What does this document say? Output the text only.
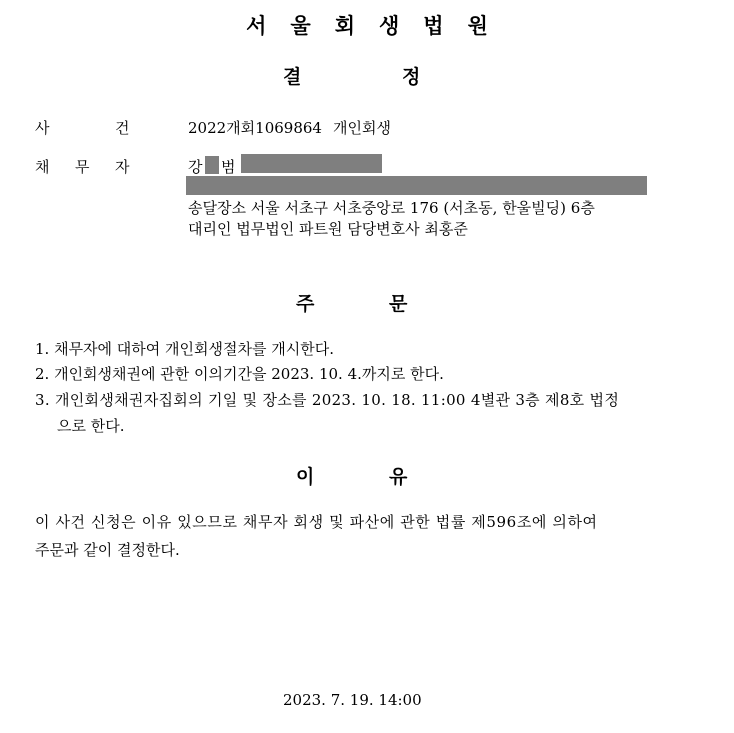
서울회생법원
결	정
사	건	2022개회1069864 개인회생
채 무 자	강 범
송달장소 서울 서초구 서초중앙로 176 (서초동, 한울빌딩) 6층
대리인 법무법인 파트원 담당변호사 최홍준
주	문
1. 채무자에 대하여 개인회생절차를 개시한다.
2. 개인회생채권에 관한 이의기간을 2023. 10. 4.까지로 한다.
3. 개인회생채권자집회의 기일 및 장소를 2023. 10. 18. 11:00 4별관 3층 제8호 법정
으로 한다.
이	유
이 사건 신청은 이유 있으므로 채무자 회생 및 파산에 관한 법률 제596조에 의하여
주문과 같이 결정한다.
2023. 7. 19. 14:00
